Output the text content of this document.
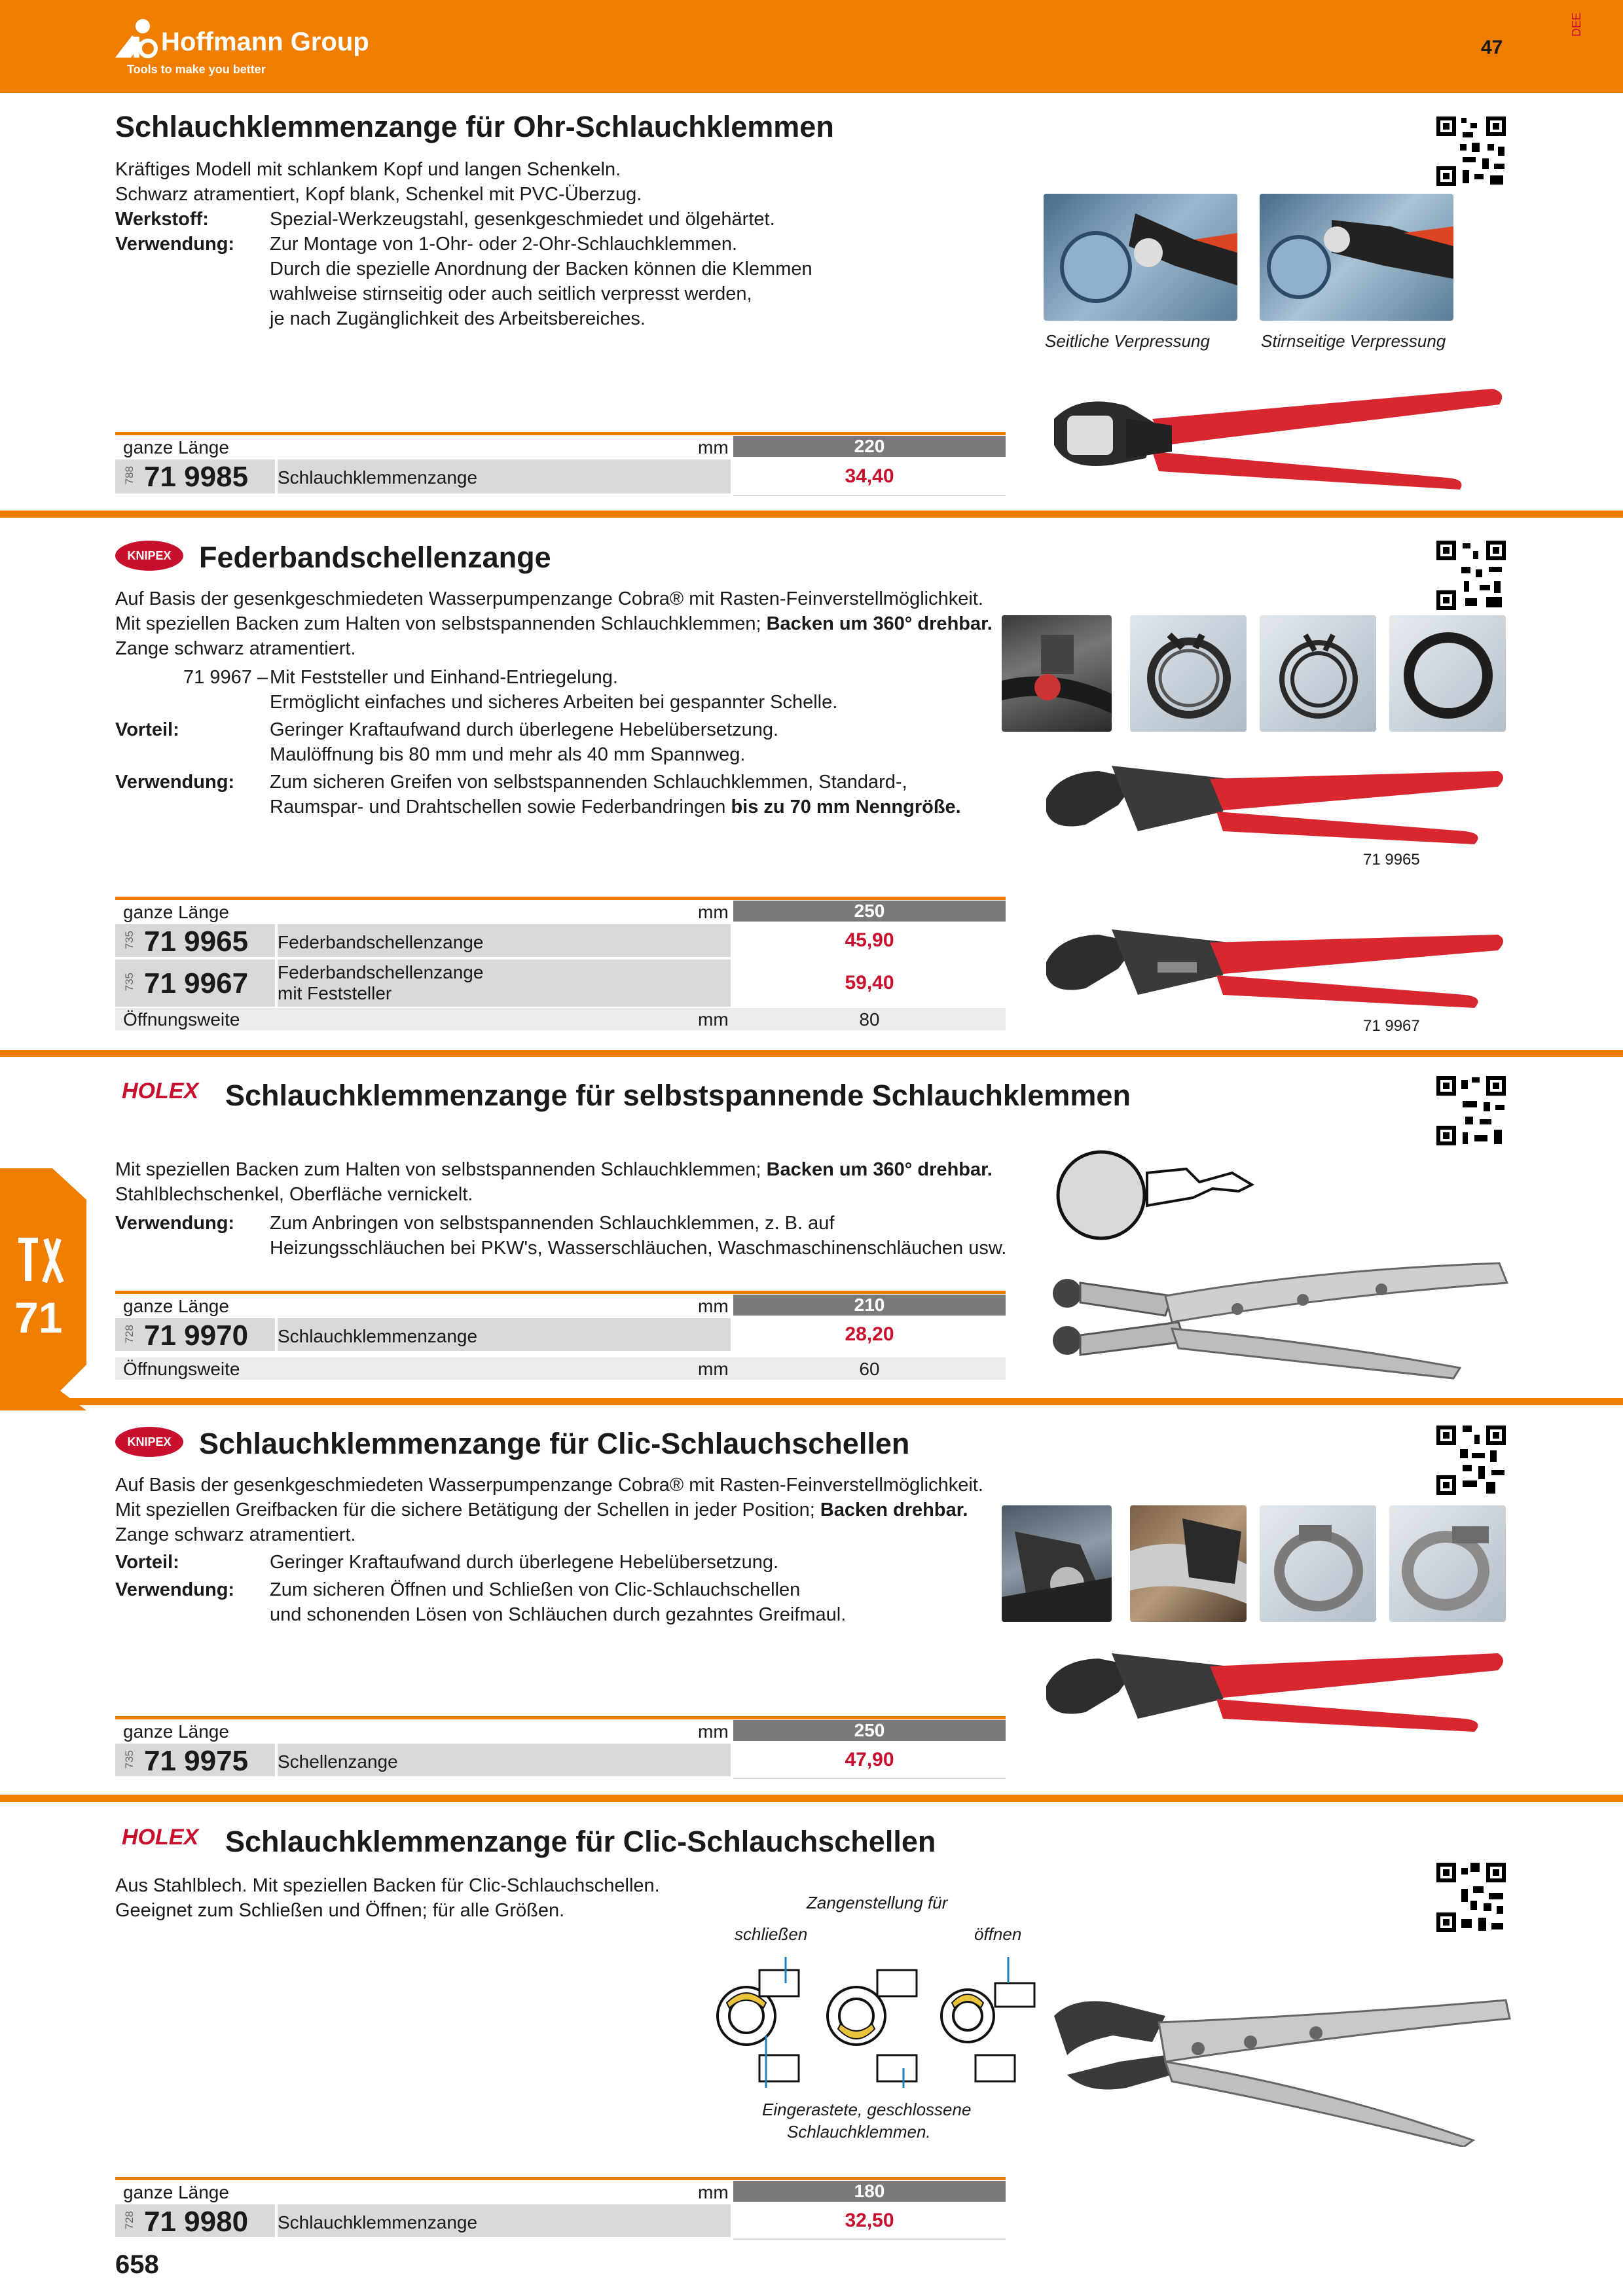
Hoffmann Group
Tools to make you better
47
DEE
71
Schlauchklemmenzange für Ohr-Schlauchklemmen
Kräftiges Modell mit schlankem Kopf und langen Schenkeln.
Schwarz atramentiert, Kopf blank, Schenkel mit PVC-Überzug.
Werkstoff:	Spezial-Werkzeugstahl, gesenkgeschmiedet und ölgehärtet.
Verwendung: Zur Montage von 1-Ohr- oder 2-Ohr-Schlauchklemmen.
Durch die spezielle Anordnung der Backen können die Klemmen
wahlweise stirnseitig oder auch seitlich verpresst werden,
je nach Zugänglichkeit des Arbeitsbereiches.
Seitliche Verpressung	Stirnseitige Verpressung
ganze Länge	mm	220
788 71 9985 Schlauchklemmenzange	34,40
KNIPEX Federbandschellenzange
Auf Basis der gesenkgeschmiedeten Wasserpumpenzange Cobra® mit Rasten-Feinverstellmöglichkeit.
Mit speziellen Backen zum Halten von selbstspannenden Schlauchklemmen; Backen um 360° drehbar.
Zange schwarz atramentiert.
71 9967 – Mit Feststeller und Einhand-Entriegelung.
Ermöglicht einfaches und sicheres Arbeiten bei gespannter Schelle.
Vorteil:	Geringer Kraftaufwand durch überlegene Hebelübersetzung.
Maulöffnung bis 80 mm und mehr als 40 mm Spannweg.
Verwendung: Zum sicheren Greifen von selbstspannenden Schlauchklemmen, Standard-,
Raumspar- und Drahtschellen sowie Federbandringen bis zu 70 mm Nenngröße.
71 9965
71 9967
ganze Länge	mm	250
735 71 9965 Federbandschellenzange	45,90
735 71 9967 Federbandschellenzange
mit Feststeller	59,40
Öffnungsweite	mm	80
HOLEX Schlauchklemmenzange für selbstspannende Schlauchklemmen
Mit speziellen Backen zum Halten von selbstspannenden Schlauchklemmen; Backen um 360° drehbar.
Stahlblechschenkel, Oberfläche vernickelt.
Verwendung: Zum Anbringen von selbstspannenden Schlauchklemmen, z. B. auf
Heizungsschläuchen bei PKW's, Wasserschläuchen, Waschmaschinenschläuchen usw.
ganze Länge	mm	210
728 71 9970 Schlauchklemmenzange	28,20
Öffnungsweite	mm	60
KNIPEX Schlauchklemmenzange für Clic-Schlauchschellen
Auf Basis der gesenkgeschmiedeten Wasserpumpenzange Cobra® mit Rasten-Feinverstellmöglichkeit.
Mit speziellen Greifbacken für die sichere Betätigung der Schellen in jeder Position; Backen drehbar.
Zange schwarz atramentiert.
Vorteil:	Geringer Kraftaufwand durch überlegene Hebelübersetzung.
Verwendung: Zum sicheren Öffnen und Schließen von Clic-Schlauchschellen
und schonenden Lösen von Schläuchen durch gezahntes Greifmaul.
ganze Länge	mm	250
735 71 9975 Schellenzange	47,90
HOLEX Schlauchklemmenzange für Clic-Schlauchschellen
Aus Stahlblech. Mit speziellen Backen für Clic-Schlauchschellen.
Geeignet zum Schließen und Öffnen; für alle Größen.	Zangenstellung für
schließen	öffnen
Eingerastete, geschlossene
Schlauchklemmen.
ganze Länge	mm	180
728 71 9980 Schlauchklemmenzange	32,50
658
